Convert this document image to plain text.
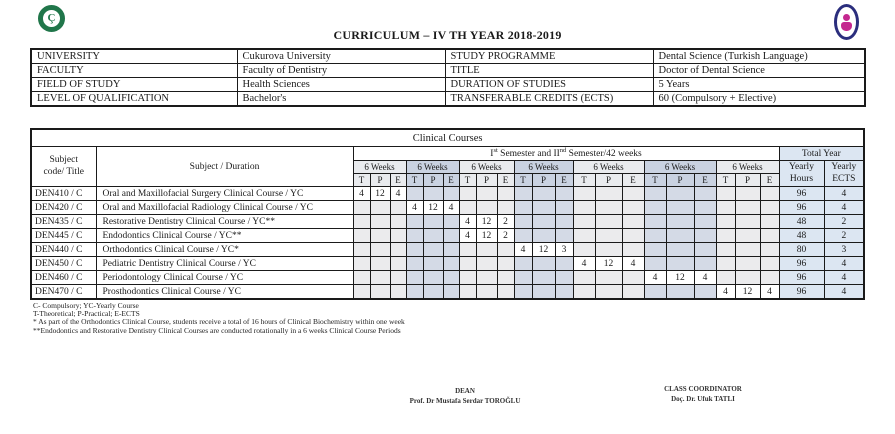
Ç
CURRICULUM – IV TH YEAR 2018-2019
UNIVERSITY	Cukurova University	STUDY PROGRAMME	Dental Science (Turkish Language)
FACULTY	Faculty of Dentistry	TITLE	Doctor of Dental Science
FIELD OF STUDY	Health Sciences	DURATION OF STUDIES	5 Years
LEVEL OF QUALIFICATION	Bachelor's	TRANSFERABLE CREDITS (ECTS)	60 (Compulsory + Elective)
Clinical Courses																								

Subject
code/ Title	Subject / Duration	Ist Semester and IInd Semester/42 weeks																					Total Year	
6 Weeks	6 Weeks	6 Weeks	6 Weeks	6 Weeks	6 Weeks	6 Weeks	Yearly
Hours

Yearly
ECTS

		T	P	E	T	P	E	T	P	E	T	P	E	T	P	E	T	P	E	T	P	E		
DEN410 / C	Oral and Maxillofacial Surgery Clinical Course / YC	4	12	4																			96	4
DEN420 / C	Oral and Maxillofacial Radiology Clinical Course / YC				4	12	4																96	4
DEN435 / C	Restorative Dentistry Clinical Course / YC**							4	12	2													48	2
DEN445 / C	Endodontics Clinical Course / YC**							4	12	2													48	2
DEN440 / C	Orthodontics Clinical Course / YC*										4	12	3										80	3
DEN450 / C	Pediatric Dentistry Clinical Course / YC													4	12	4							96	4
DEN460 / C	Periodontology Clinical Course / YC																4	12	4				96	4
DEN470 / C	Prosthodontics Clinical Course / YC																			4	12	4	96	4
C- Compulsory; YC-Yearly Course
T-Theoretical; P-Practical; E-ECTS
* As part of the Orthodontics Clinical Course, students receive a total of 16 hours of Clinical Biochemistry within one week
**Endodontics and Restorative Dentistry Clinical Courses are conducted rotationally in a 6 weeks Clinical Course Periods
DEAN
Prof. Dr Mustafa Serdar TOROĞLU
CLASS COORDINATOR
Doç. Dr. Ufuk TATLI
